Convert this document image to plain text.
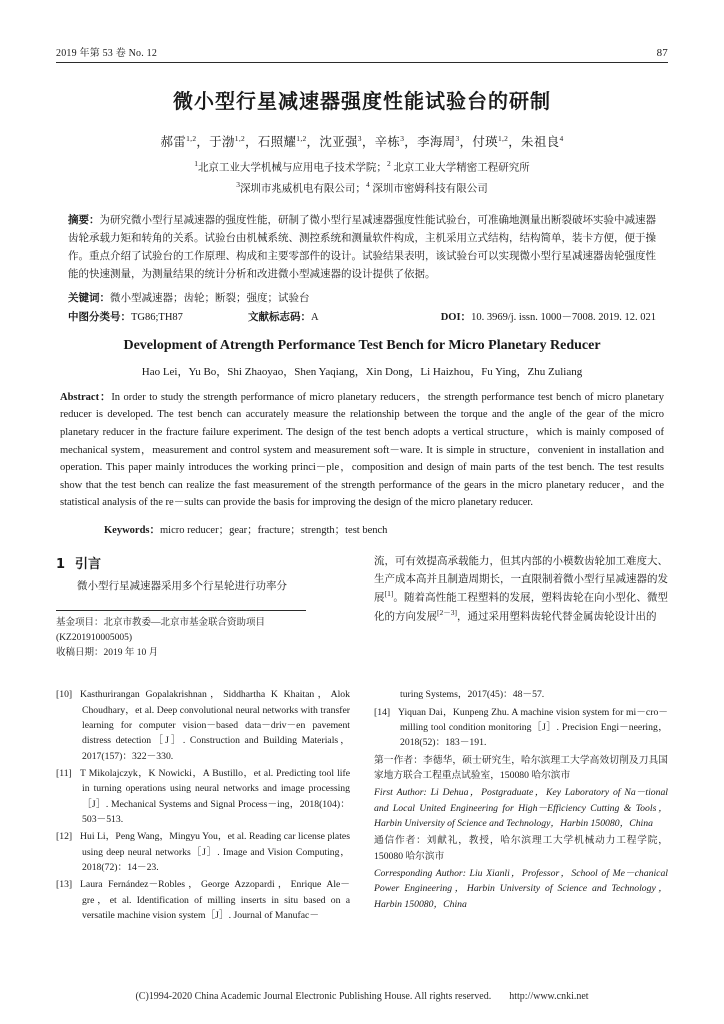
2019 年第 53 卷 No. 12	87
微小型行星减速器强度性能试验台的研制
郝雷$^{1,2}$，于渤$^{1,2}$，石照耀$^{1,2}$，沈亚强$^3$，辛栋$^3$，李海周$^3$，付瑛$^{1,2}$，朱祖良$^4$
$^1$北京工业大学机械与应用电子技术学院；$^2$ 北京工业大学精密工程研究所
$^3$深圳市兆威机电有限公司；$^4$ 深圳市密姆科技有限公司
摘要：为研究微小型行星减速器的强度性能，研制了微小型行星减速器强度性能试验台，可准确地测量出断裂破坏实验中减速器齿轮承载力矩和转角的关系。试验台由机械系统、测控系统和测量软件构成，主机采用立式结构，结构简单，装卡方便，便于操作。重点介绍了试验台的工作原理、构成和主要零部件的设计。试验结果表明，该试验台可以实现微小型行星减速器齿轮强度性能的快速测量，为测量结果的统计分析和改进微小型减速器的设计提供了依据。
关键词：微小型减速器；齿轮；断裂；强度；试验台
中图分类号：TG86;TH87	文献标志码：A	DOI：10. 3969/j. issn. 1000－7008. 2019. 12. 021
Development of Atrength Performance Test Bench for Micro Planetary Reducer
Hao Lei，Yu Bo，Shi Zhaoyao，Shen Yaqiang，Xin Dong，Li Haizhou，Fu Ying，Zhu Zuliang
Abstract：In order to study the strength performance of micro planetary reducers，the strength performance test bench of micro planetary reducer is developed. The test bench can accurately measure the relationship between the torque and the angle of the gear of the micro planetary reducer in the fracture failure experiment. The design of the test bench adopts a vertical structure，which is mainly composed of mechanical system，measurement and control system and measurement soft－ware. It is simple in structure，convenient in installation and operation. This paper mainly introduces the working princi－ple，composition and design of main parts of the test bench. The test results show that the test bench can realize the fast measurement of the strength performance of the gears in the micro planetary reducer，and the statistical analysis of the re－sults can provide the basis for improving the design of the micro planetary reducer.
Keywords：micro reducer；gear；fracture；strength；test bench
1 引言
微小型行星减速器采用多个行星轮进行功率分
基金项目：北京市教委—北京市基金联合资助项目(KZ201910005005)
收稿日期：2019 年 10 月
流，可有效提高承载能力，但其内部的小模数齿轮加工难度大、生产成本高并且制造周期长，一直限制着微小型行星减速器的发展[1]。随着高性能工程塑料的发展，塑料齿轮在向小型化、微型化的方向发展[2－3]，通过采用塑料齿轮代替金属齿轮设计出的
[10] Kasthurirangan Gopalakrishnan，Siddhartha K Khaitan，Alok Choudhary，et al. Deep convolutional neural networks with transfer learning for computer vision－based data－driv－en pavement distress detection［J］. Construction and Building Materials，2017(157)：322－330.
[11] T Mikolajczyk，K Nowicki，A Bustillo，et al. Predicting tool life in turning operations using neural networks and image processing［J］. Mechanical Systems and Signal Process－ing，2018(104)：503－513.
[12] Hui Li，Peng Wang，Mingyu You，et al. Reading car license plates using deep neural networks［J］. Image and Vision Computing，2018(72)：14－23.
[13] Laura Fernández－Robles，George Azzopardi，Enrique Ale－gre，et al. Identification of milling inserts in situ based on a versatile machine vision system［J］. Journal of Manufac－
turing Systems，2017(45)：48－57.
[14] Yiquan Dai，Kunpeng Zhu. A machine vision system for mi－cro－milling tool condition monitoring［J］. Precision Engi－neering，2018(52)：183－191.
第一作者：李德华，硕士研究生，哈尔滨理工大学高效切削及刀具国家地方联合工程重点试验室，150080 哈尔滨市
First Author: Li Dehua，Postgraduate，Key Laboratory of Na－tional and Local United Engineering for High－Efficiency Cutting & Tools，Harbin University of Science and Technology，Harbin 150080，China
通信作者：刘献礼，教授，哈尔滨理工大学机械动力工程学院，150080 哈尔滨市
Corresponding Author: Liu Xianli，Professor，School of Me－chanical Power Engineering，Harbin University of Science and Technology，Harbin 150080，China
(C)1994-2020 China Academic Journal Electronic Publishing House. All rights reserved. http://www.cnki.net
